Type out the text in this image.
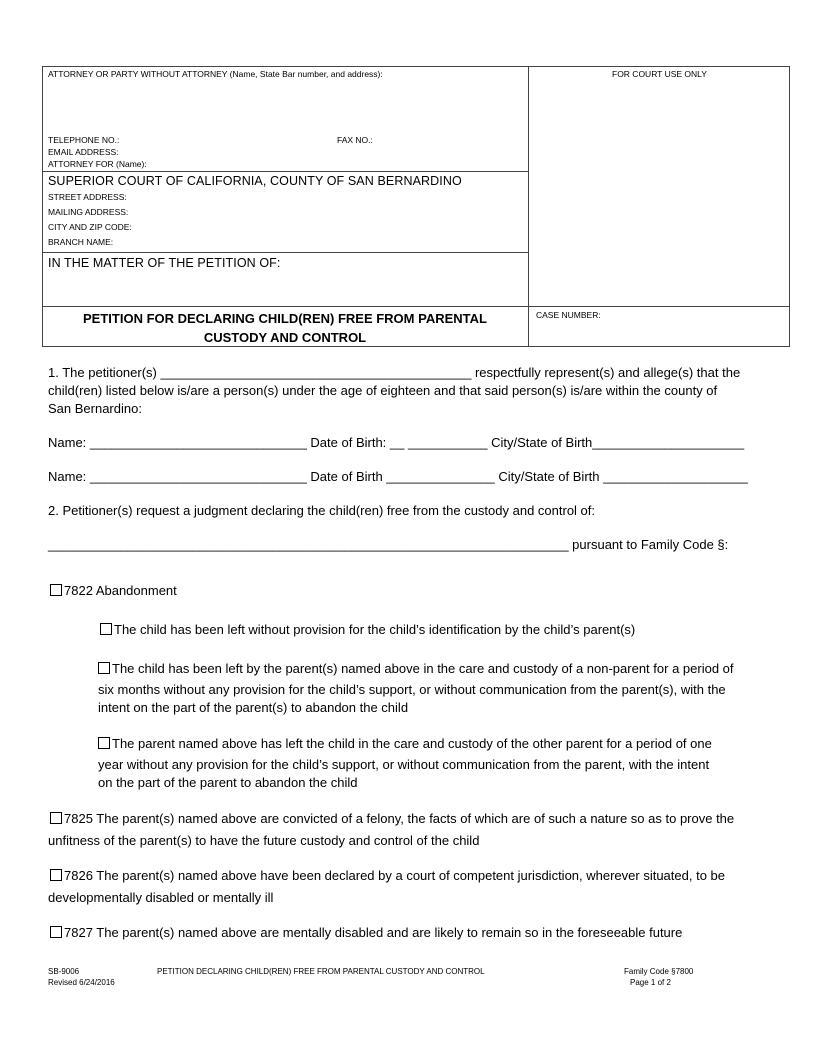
ATTORNEY OR PARTY WITHOUT ATTORNEY (Name, State Bar number, and address):	FOR COURT USE ONLY
TELEPHONE NO.:	FAX NO.:
EMAIL ADDRESS:
ATTORNEY FOR (Name):
SUPERIOR COURT OF CALIFORNIA, COUNTY OF SAN BERNARDINO
STREET ADDRESS:
MAILING ADDRESS:
CITY AND ZIP CODE:
BRANCH NAME:
IN THE MATTER OF THE PETITION OF:
PETITION FOR DECLARING CHILD(REN) FREE FROM PARENTAL
CUSTODY AND CONTROL
CASE NUMBER:
1. The petitioner(s) ___________________________________________ respectfully represent(s) and allege(s) that the
child(ren) listed below is/are a person(s) under the age of eighteen and that said person(s) is/are within the county of
San Bernardino:
Name: ______________________________ Date of Birth: __ ___________ City/State of Birth_____________________
Name: ______________________________ Date of Birth _______________ City/State of Birth ____________________
2. Petitioner(s) request a judgment declaring the child(ren) free from the custody and control of:
________________________________________________________________________ pursuant to Family Code §:
7822 Abandonment
The child has been left without provision for the child’s identification by the child’s parent(s)
The child has been left by the parent(s) named above in the care and custody of a non-parent for a period of
six months without any provision for the child’s support, or without communication from the parent(s), with the
intent on the part of the parent(s) to abandon the child
The parent named above has left the child in the care and custody of the other parent for a period of one
year without any provision for the child’s support, or without communication from the parent, with the intent
on the part of the parent to abandon the child
7825 The parent(s) named above are convicted of a felony, the facts of which are of such a nature so as to prove the
unfitness of the parent(s) to have the future custody and control of the child
7826 The parent(s) named above have been declared by a court of competent jurisdiction, wherever situated, to be
developmentally disabled or mentally ill
7827 The parent(s) named above are mentally disabled and are likely to remain so in the foreseeable future
SB-9006
Revised 6/24/2016
PETITION DECLARING CHILD(REN) FREE FROM PARENTAL CUSTODY AND CONTROL	Family Code §7800
Page 1 of 2
